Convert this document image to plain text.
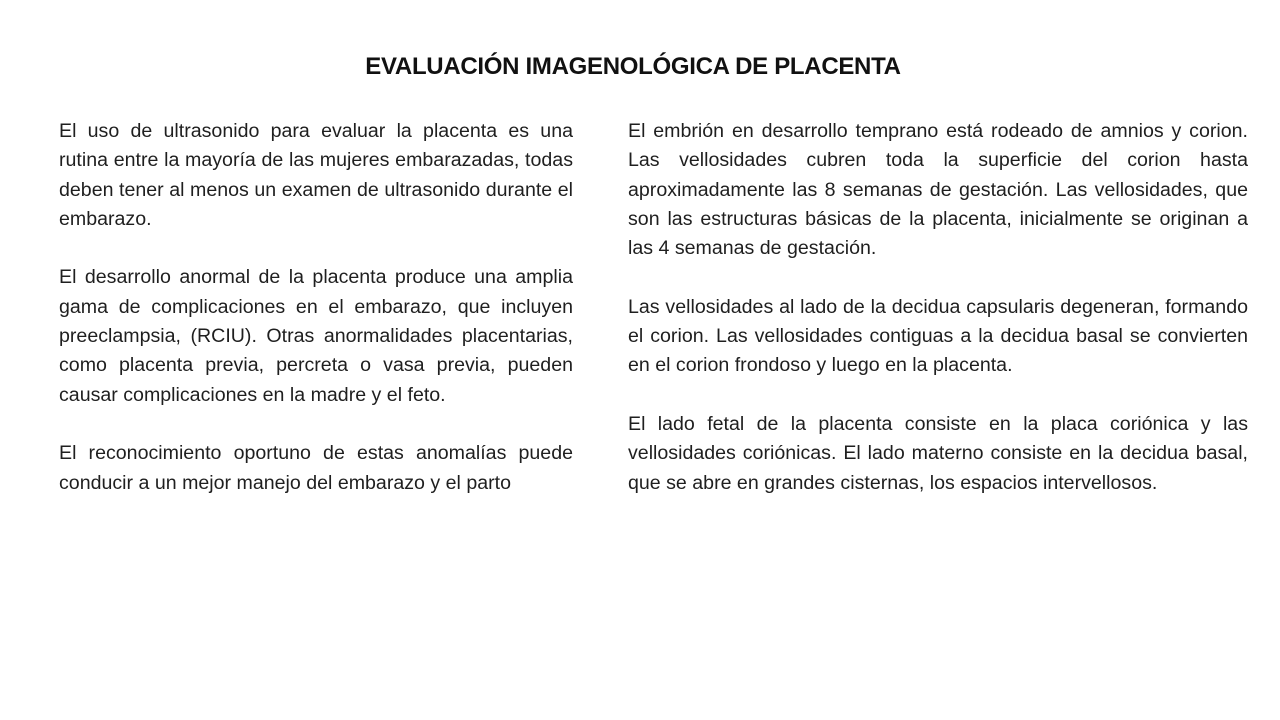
EVALUACIÓN IMAGENOLÓGICA DE PLACENTA

El uso de ultrasonido para evaluar la placenta es una rutina entre la mayoría de las mujeres embarazadas, todas deben tener al menos un examen de ultrasonido durante el embarazo.

El desarrollo anormal de la placenta produce una amplia gama de complicaciones en el embarazo, que incluyen preeclampsia, (RCIU). Otras anormalidades placentarias, como placenta previa, percreta o vasa previa, pueden causar complicaciones en la madre y el feto.

El reconocimiento oportuno de estas anomalías puede conducir a un mejor manejo del embarazo y el parto

El embrión en desarrollo temprano está rodeado de amnios y corion. Las vellosidades cubren toda la superficie del corion hasta aproximadamente las 8 semanas de gestación. Las vellosidades, que son las estructuras básicas de la placenta, inicialmente se originan a las 4 semanas de gestación.

Las vellosidades al lado de la decidua capsularis degeneran, formando el corion. Las vellosidades contiguas a la decidua basal se convierten en el corion frondoso y luego en la placenta.

El lado fetal de la placenta consiste en la placa coriónica y las vellosidades coriónicas. El lado materno consiste en la decidua basal, que se abre en grandes cisternas, los espacios intervellosos.
